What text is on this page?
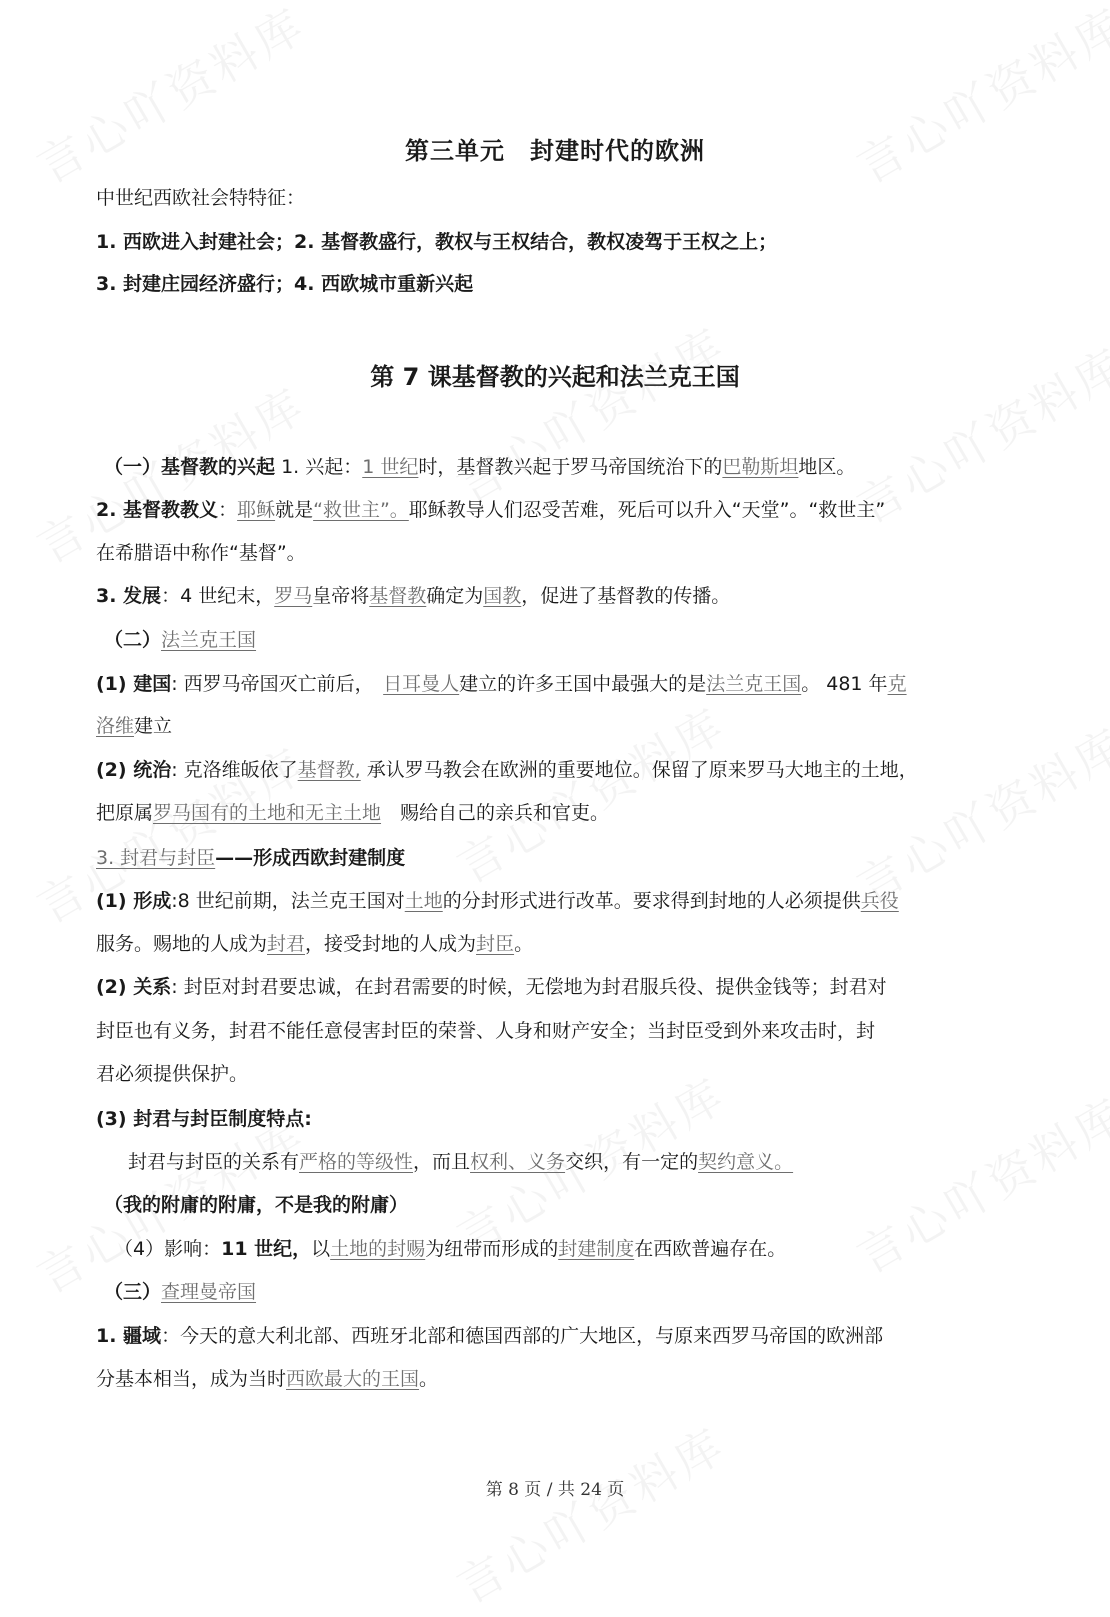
第三单元　封建时代的欧洲
中世纪西欧社会特特征：
1. 西欧进入封建社会；2. 基督教盛行，教权与王权结合，教权凌驾于王权之上；
3. 封建庄园经济盛行；4. 西欧城市重新兴起
第 7 课基督教的兴起和法兰克王国
（一）基督教的兴起 1. 兴起：1 世纪时，基督教兴起于罗马帝国统治下的巴勒斯坦地区。
2. 基督教教义：耶稣就是“救世主”。耶稣教导人们忍受苦难，死后可以升入“天堂”。“救世主”
在希腊语中称作“基督”。
3. 发展：4 世纪末，罗马皇帝将基督教确定为国教，促进了基督教的传播。
（二）法兰克王国
(1) 建国: 西罗马帝国灭亡前后，　日耳曼人建立的许多王国中最强大的是法兰克王国。 481 年克
洛维建立
(2) 统治: 克洛维皈依了基督教, 承认罗马教会在欧洲的重要地位。保留了原来罗马大地主的土地，
把原属罗马国有的土地和无主土地　赐给自己的亲兵和官吏。
3. 封君与封臣——形成西欧封建制度
(1) 形成:8 世纪前期，法兰克王国对土地的分封形式进行改革。要求得到封地的人必须提供兵役
服务。赐地的人成为封君，接受封地的人成为封臣。
(2) 关系: 封臣对封君要忠诚，在封君需要的时候，无偿地为封君服兵役、提供金钱等；封君对
封臣也有义务，封君不能任意侵害封臣的荣誉、人身和财产安全；当封臣受到外来攻击时，封
君必须提供保护。
(3) 封君与封臣制度特点:
封君与封臣的关系有严格的等级性，而且权利、义务交织，有一定的契约意义。
（我的附庸的附庸，不是我的附庸）
（4）影响：11 世纪，以土地的封赐为纽带而形成的封建制度在西欧普遍存在。
（三）查理曼帝国
1. 疆域：今天的意大利北部、西班牙北部和德国西部的广大地区，与原来西罗马帝国的欧洲部
分基本相当，成为当时西欧最大的王国。
第 8 页 / 共 24 页
